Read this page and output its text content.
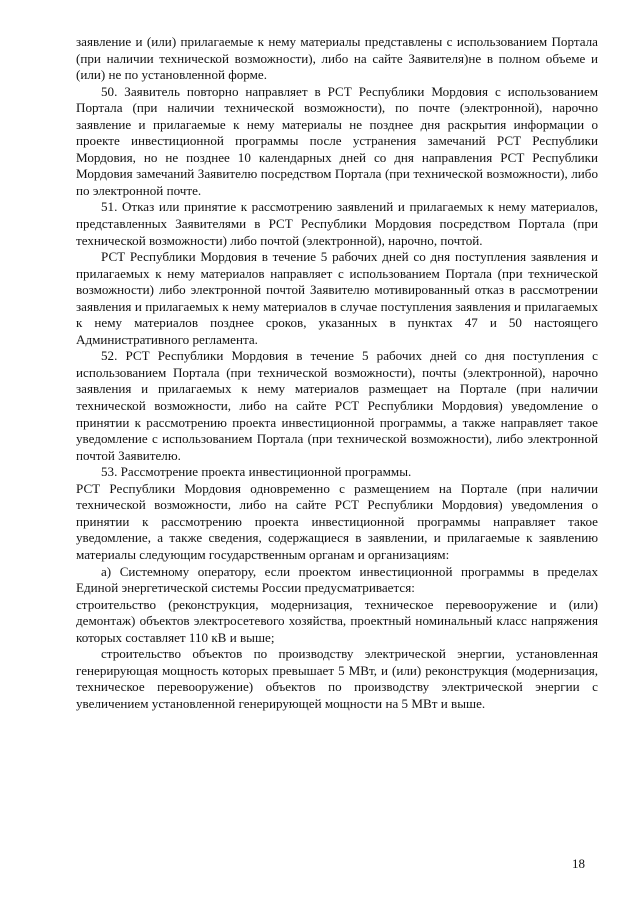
заявление и (или) прилагаемые к нему материалы представлены с использованием Портала (при наличии технической возможности), либо на сайте Заявителя)не в полном объеме и (или) не по установленной форме.

50. Заявитель повторно направляет в РСТ Республики Мордовия с использованием Портала (при наличии технической возможности), по почте (электронной), нарочно заявление и прилагаемые к нему материалы не позднее дня раскрытия информации о проекте инвестиционной программы после устранения замечаний РСТ Республики Мордовия, но не позднее 10 календарных дней со дня направления РСТ Республики Мордовия замечаний Заявителю посредством Портала (при технической возможности), либо по электронной почте.

51. Отказ или принятие к рассмотрению заявлений и прилагаемых к нему материалов, представленных Заявителями в РСТ Республики Мордовия посредством Портала (при технической возможности) либо почтой (электронной), нарочно, почтой.

РСТ Республики Мордовия в течение 5 рабочих дней со дня поступления заявления и прилагаемых к нему материалов направляет с использованием Портала (при технической возможности) либо электронной почтой Заявителю мотивированный отказ в рассмотрении заявления и прилагаемых к нему материалов в случае поступления заявления и прилагаемых к нему материалов позднее сроков, указанных в пунктах 47 и 50 настоящего Административного регламента.

52. РСТ Республики Мордовия в течение 5 рабочих дней со дня поступления с использованием Портала (при технической возможности), почты (электронной), нарочно заявления и прилагаемых к нему материалов размещает на Портале (при наличии технической возможности, либо на сайте РСТ Республики Мордовия) уведомление о принятии к рассмотрению проекта инвестиционной программы, а также направляет такое уведомление с использованием Портала (при технической возможности), либо электронной почтой Заявителю.

53. Рассмотрение проекта инвестиционной программы.

РСТ Республики Мордовия одновременно с размещением на Портале (при наличии технической возможности, либо на сайте РСТ Республики Мордовия) уведомления о принятии к рассмотрению проекта инвестиционной программы направляет такое уведомление, а также сведения, содержащиеся в заявлении, и прилагаемые к заявлению материалы следующим государственным органам и организациям:

а) Системному оператору, если проектом инвестиционной программы в пределах Единой энергетической системы России предусматривается:

строительство (реконструкция, модернизация, техническое перевооружение и (или) демонтаж) объектов электросетевого хозяйства, проектный номинальный класс напряжения которых составляет 110 кВ и выше;

строительство объектов по производству электрической энергии, установленная генерирующая мощность которых превышает 5 МВт, и (или) реконструкция (модернизация, техническое перевооружение) объектов по производству электрической энергии с увеличением установленной генерирующей мощности на 5 МВт и выше.

18
